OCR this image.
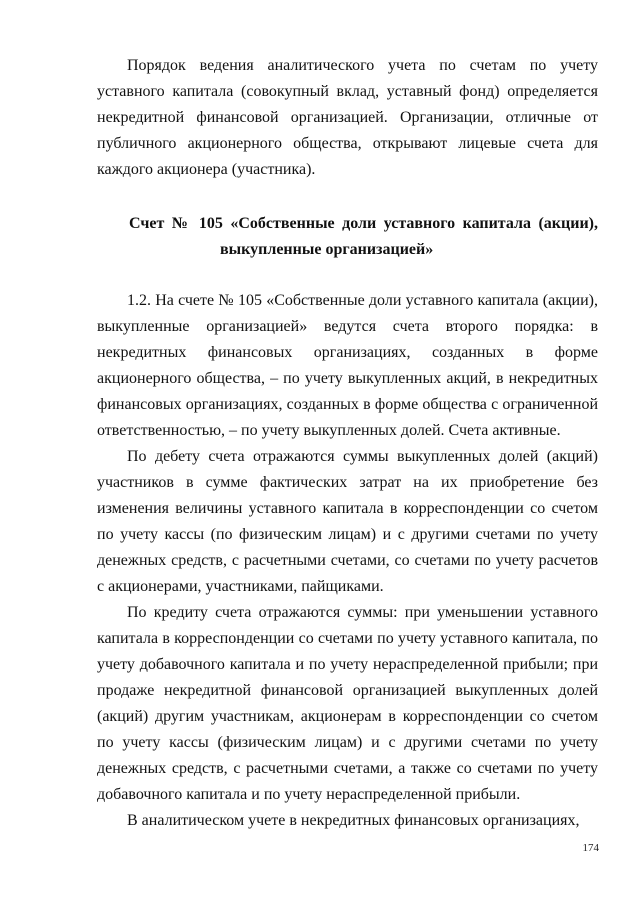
Порядок ведения аналитического учета по счетам по учету уставного капитала (совокупный вклад, уставный фонд) определяется некредитной финансовой организацией. Организации, отличные от публичного акционерного общества, открывают лицевые счета для каждого акционера (участника).

Счет № 105 «Собственные доли уставного капитала (акции),
выкупленные организацией»

1.2. На счете № 105 «Собственные доли уставного капитала (акции), выкупленные организацией» ведутся счета второго порядка: в некредитных финансовых организациях, созданных в форме акционерного общества, – по учету выкупленных акций, в некредитных финансовых организациях, созданных в форме общества с ограниченной ответственностью, – по учету выкупленных долей. Счета активные.

По дебету счета отражаются суммы выкупленных долей (акций) участников в сумме фактических затрат на их приобретение без изменения величины уставного капитала в корреспонденции со счетом по учету кассы (по физическим лицам) и с другими счетами по учету денежных средств, с расчетными счетами, со счетами по учету расчетов с акционерами, участниками, пайщиками.

По кредиту счета отражаются суммы: при уменьшении уставного капитала в корреспонденции со счетами по учету уставного капитала, по учету добавочного капитала и по учету нераспределенной прибыли; при продаже некредитной финансовой организацией выкупленных долей (акций) другим участникам, акционерам в корреспонденции со счетом по учету кассы (физическим лицам) и с другими счетами по учету денежных средств, с расчетными счетами, а также со счетами по учету добавочного капитала и по учету нераспределенной прибыли.

В аналитическом учете в некредитных финансовых организациях,

174
